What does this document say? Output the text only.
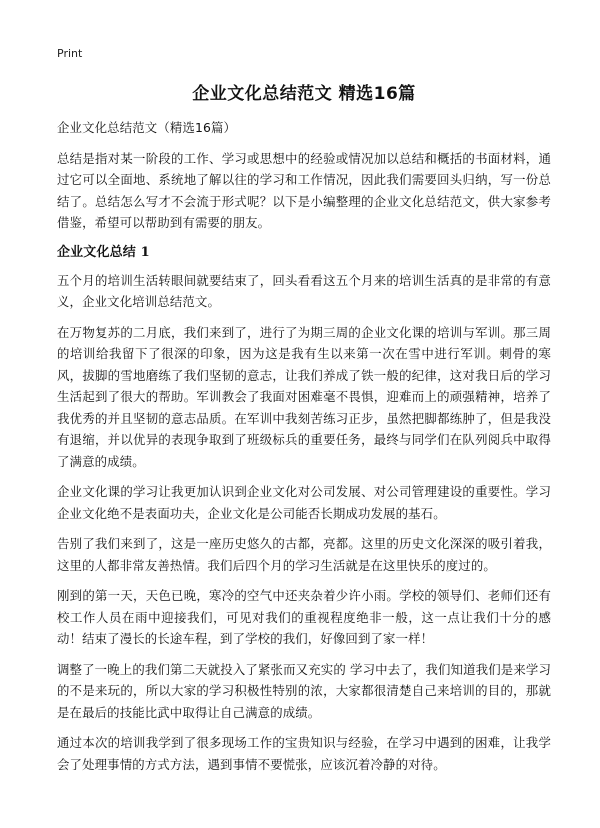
Print
企业文化总结范文 精选16篇

企业文化总结范文（精选16篇）

总结是指对某一阶段的工作、学习或思想中的经验或情况加以总结和概括的书面材料，通过它可以全面地、系统地了解以往的学习和工作情况，因此我们需要回头归纳，写一份总结了。总结怎么写才不会流于形式呢？以下是小编整理的企业文化总结范文，供大家参考借鉴，希望可以帮助到有需要的朋友。

企业文化总结 1

五个月的培训生活转眼间就要结束了，回头看看这五个月来的培训生活真的是非常的有意义，企业文化培训总结范文。

在万物复苏的二月底，我们来到了，进行了为期三周的企业文化课的培训与军训。那三周的培训给我留下了很深的印象，因为这是我有生以来第一次在雪中进行军训。刺骨的寒风，拔脚的雪地磨练了我们坚韧的意志，让我们养成了铁一般的纪律，这对我日后的学习生活起到了很大的帮助。军训教会了我面对困难毫不畏惧，迎难而上的顽强精神，培养了我优秀的并且坚韧的意志品质。在军训中我刻苦练习正步，虽然把脚都练肿了，但是我没有退缩，并以优异的表现争取到了班级标兵的重要任务，最终与同学们在队列阅兵中取得了满意的成绩。

企业文化课的学习让我更加认识到企业文化对公司发展、对公司管理建设的重要性。学习企业文化绝不是表面功夫，企业文化是公司能否长期成功发展的基石。

告别了我们来到了，这是一座历史悠久的古都，亮都。这里的历史文化深深的吸引着我，这里的人都非常友善热情。我们后四个月的学习生活就是在这里快乐的度过的。

刚到的第一天，天色已晚，寒冷的空气中还夹杂着少许小雨。学校的领导们、老师们还有校工作人员在雨中迎接我们，可见对我们的重视程度绝非一般，这一点让我们十分的感动！结束了漫长的长途车程，到了学校的我们，好像回到了家一样！

调整了一晚上的我们第二天就投入了紧张而又充实的 学习中去了，我们知道我们是来学习的不是来玩的，所以大家的学习积极性特别的浓，大家都很清楚自己来培训的目的，那就是在最后的技能比武中取得让自己满意的成绩。

通过本次的培训我学到了很多现场工作的宝贵知识与经验，在学习中遇到的困难，让我学会了处理事情的方式方法，遇到事情不要慌张，应该沉着冷静的对待。
